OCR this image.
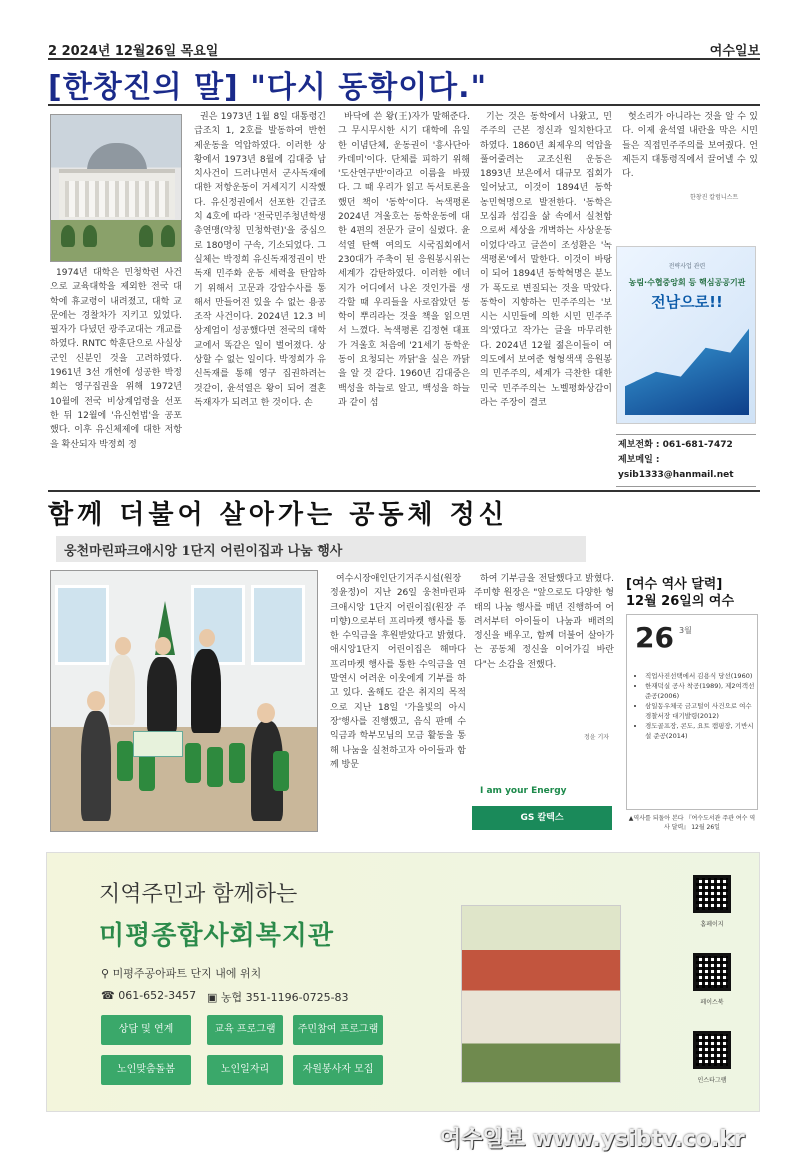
2 2024년 12월26일 목요일	여수일보
[한창진의 말] "다시 동학이다."

1974년 대학은 민청학련 사건으로 교육대학을 제외한 전국 대학에 휴교령이 내려졌고, 대학 교문에는 경찰차가 지키고 있었다. 필자가 다녔던 광주교대는 개교를 하였다. RNTC 학훈단으로 사실상 군인 신분인 것을 고려하였다. 1961년 3선 개헌에 성공한 박정희는 영구집권을 위해 1972년 10월에 전국 비상계엄령을 선포한 뒤 12월에 '유신헌법'을 공포했다. 이후 유신체제에 대한 저항을 확산되자 박정희 정

권은 1973년 1월 8일 대통령긴급조치 1, 2호를 발동하여 반헌 제운동을 억압하였다. 이러한 상황에서 1973년 8월에 김대중 납치사건이 드러나면서 군사독재에 대한 저항운동이 거세지기 시작했다. 유신정권에서 선포한 긴급조치 4호에 따라 '전국민주청년학생총연맹(약칭 민청학련)'을 중심으로 180명이 구속, 기소되었다. 그 실체는 박정희 유신독재정권이 반독재 민주화 운동 세력을 탄압하기 위해서 고문과 강압수사를 통해서 만들어진 있을 수 없는 용공조작 사건이다. 2024년 12.3 비상계엄이 성공했다면 전국의 대학교에서 똑같은 일이 벌어졌다. 상상할 수 없는 일이다. 박정희가 유신독재를 통해 영구 집권하려는 것같이, 윤석열은 왕이 되어 결혼 독재자가 되려고 한 것이다. 손

바닥에 쓴 왕(王)자가 말해준다. 그 무시무시한 시기 대학에 유일한 이념단체, 운동권이 '흥사단아카데미'이다. 단체를 피하기 위해 '도산연구반'이라고 이름을 바꿨다. 그 때 우리가 읽고 독서토론을 했던 책이 '동학'이다. 녹색평론 2024년 겨울호는 동학운동에 대한 4편의 전문가 글이 실렸다. 윤석열 탄핵 여의도 시국집회에서 230대가 주축이 된 응원봉시위는 세계가 감탄하였다. 이러한 에너지가 어디에서 나온 것인가를 생각할 때 우리들을 사로잡았던 동학이 뿌리라는 것을 책을 읽으면서 느꼈다. 녹색평론 김정현 대표가 겨울호 처음에 '21세기 동학운동이 요청되는 까닭'을 실은 까닭을 알 것 같다. 1960년 김대중은 백성을 하늘로 알고, 백성을 하늘과 같이 섬

기는 것은 동학에서 나왔고, 민주주의 근본 정신과 일치한다고 하였다. 1860년 최제우의 억압을 풀어줄려는 교조신원 운동은 1893년 보은에서 대규모 집회가 일어났고, 이것이 1894년 동학 농민혁명으로 발전한다. '동학은 모심과 섬김을 삶 속에서 실천함으로써 세상을 개벽하는 사상운동이었다'라고 글쓴이 조성환은 '녹색평론'에서 말한다. 이것이 바탕이 되어 1894년 동학혁명은 분노가 폭도로 변질되는 것을 막았다. 동학이 지향하는 민주주의는 '보시는 시민들에 의한 시민 민주주의'였다고 작가는 글을 마무리한다. 2024년 12월 젊은이들이 여의도에서 보여준 형형색색 응원봉의 민주주의, 세계가 극찬한 대한민국 민주주의는 노벨평화상감이라는 주장이 결코

헛소리가 아니라는 것을 알 수 있다. 이제 윤석열 내란을 막은 시민들은 직접민주주의를 보여줬다. 언제든지 대통령직에서 끌어낼 수 있다.

한창진 칼럼니스트
전략사업 관련
농림·수협중앙회 등 핵심공공기관
전남으로!!
제보전화 : 061-681-7472
제보메일 : ysib1333@hanmail.net
함께 더불어 살아가는 공동체 정신
웅천마린파크애시앙 1단지 어린이집과 나눔 행사

여수시장애인단기거주시설(원장 정윤정)이 지난 26일 웅천마린파크애시앙 1단지 어린이집(원장 주미향)으로부터 프리마켓 행사를 통한 수익금을 후원받았다고 밝혔다. 애시앙1단지 어린이집은 해마다 프리마켓 행사를 통한 수익금을 연말연시 어려운 이웃에게 기부를 하고 있다. 올해도 같은 취지의 목적으로 지난 18일 '가을빛의 아시장'행사를 진행했고, 음식 판매 수익금과 학부모님의 모금 활동을 통해 나눔을 실천하고자 아이들과 함께 방문

하여 기부금을 전달했다고 밝혔다. 주미향 원장은 "앞으로도 다양한 형태의 나눔 행사를 매년 진행하여 어려서부터 아이들이 나눔과 배려의 정신을 배우고, 함께 더불어 살아가는 공동체 정신을 이어가길 바란다"는 소감을 전했다.

정윤 기자
I am your Energy
GS 칼텍스
[여수 역사 달력]
12월 26일의 여수
26 3월
• 직업사진선택에서 김용식 당선(1960)
• 한재덕실 공사 착공(1989), 제2여객선 준공(2006)
• 삼일동우체국 금고털이 사건으로 여수경찰서장 대기발령(2012)
• 경도골프장, 콘도, 요트 캠핑장, 기반시설 준공(2014)
▲역사를 되돌아 본다 『여수도서관 주관 여수 역사 달력』 12월 26일
지역주민과 함께하는
미평종합사회복지관
⚲ 미평주공아파트 단지 내에 위치
☎ 061-652-3457 ▣ 농협 351-1196-0725-83
상담 및 연계	교육 프로그램	주민참여 프로그램
노인맞춤돌봄	노인일자리	자원봉사자 모집
홈페이지
페이스북
인스타그램
여수일보 www.ysibtv.co.kr
